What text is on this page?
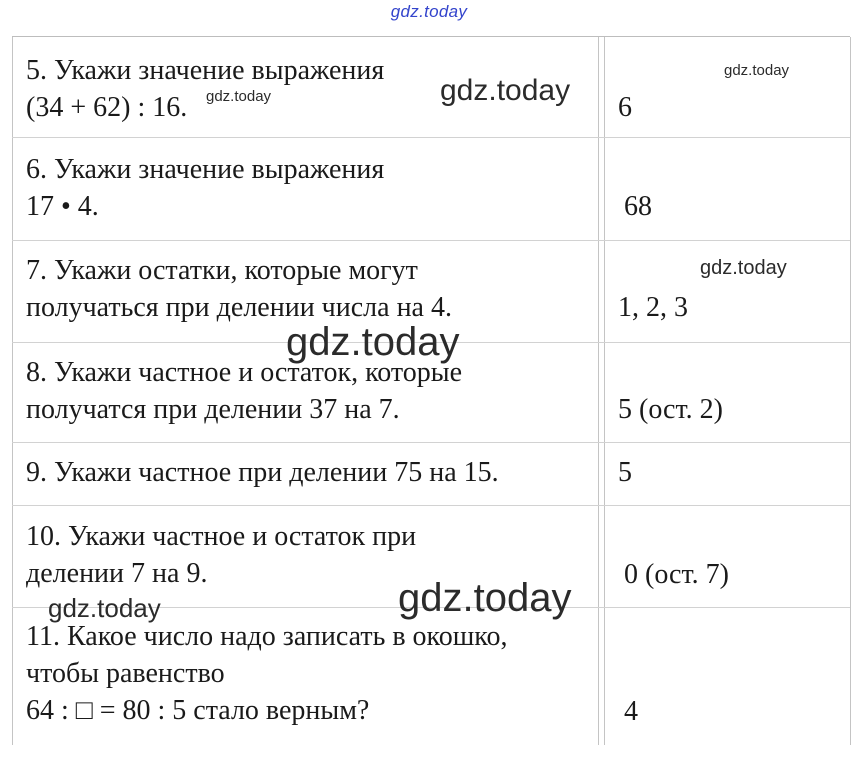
gdz.today
5. Укажи значение выражения
(34 + 62) : 16.	6
6. Укажи значение выражения
17 • 4.	68
7. Укажи остатки, которые могут
получаться при делении числа на 4.	1, 2, 3
8. Укажи частное и остаток, которые
получатся при делении 37 на 7.	5 (ост. 2)
9. Укажи частное при делении 75 на 15.	5
10. Укажи частное и остаток при
делении 7 на 9.	0 (ост. 7)
11. Какое число надо записать в окошко,
чтобы равенство
64 : □ = 80 : 5 стало верным?	4
gdz.today
gdz.today
gdz.today
gdz.today
gdz.today
gdz.today
gdz.today
